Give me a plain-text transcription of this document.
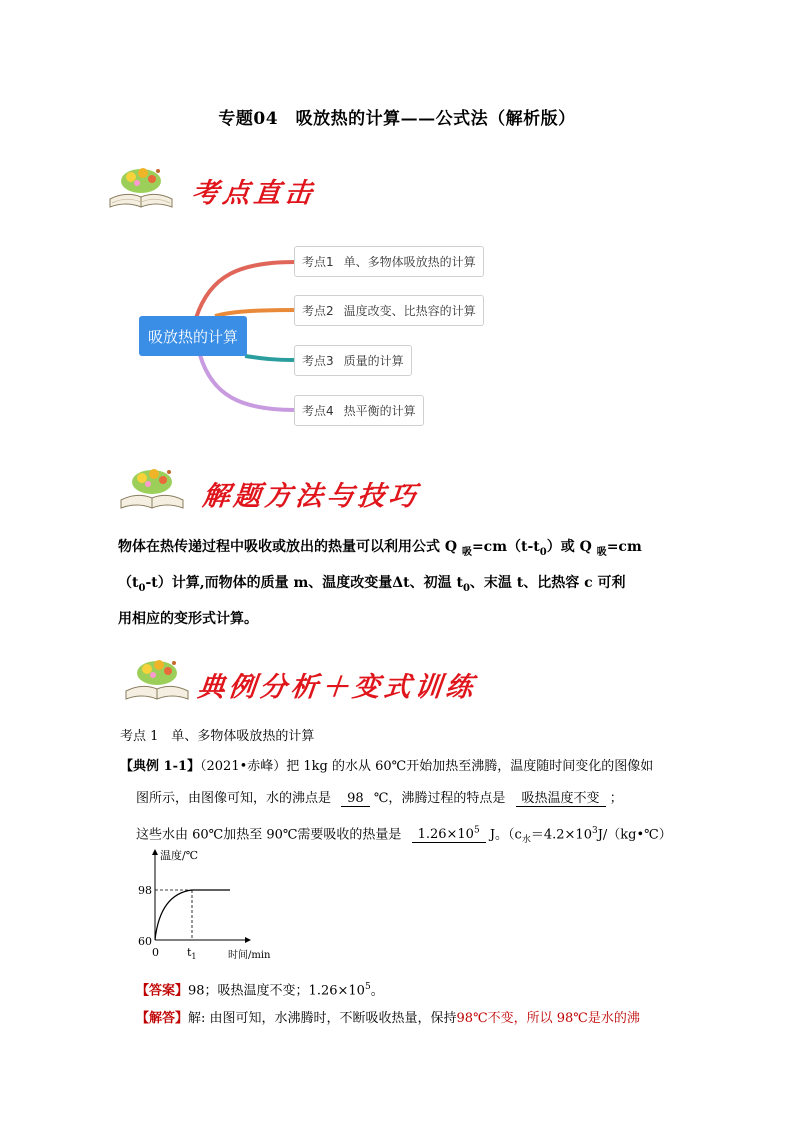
专题04　吸放热的计算——公式法（解析版）
考点直击
吸放热的计算
考点1 单、多物体吸放热的计算
考点2 温度改变、比热容的计算
考点3 质量的计算
考点4 热平衡的计算
解题方法与技巧
物体在热传递过程中吸收或放出的热量可以利用公式 Q $_吸=cm(t-t_0)$或 Q $_吸$=cm
$(t_0-t)$计算,而物体的质量 m、温度改变量Δt、初温 $t_0$、末温 t、比热容 c 可利
用相应的变形式计算。
典例分析＋变式训练
考点 1　单、多物体吸放热的计算
【典例 1-1】（2021•赤峰）把 1kg 的水从 60℃开始加热至沸腾，温度随时间变化的图像如
图所示，由图像可知，水的沸点是 98 ℃，沸腾过程的特点是 吸热温度不变 ；
这些水由 60℃加热至 90℃需要吸收的热量是 $1.26\times 10^5$ J。（$c_水=4.2\times 10^3J/(kg•℃)$
温度/℃
时间/min
60
98
0	$t_1$
【答案】98；吸热温度不变；$1.26\times 10^5$。
【解答】解: 由图可知，水沸腾时，不断吸收热量，保持98℃不变，所以 98℃是水的沸
